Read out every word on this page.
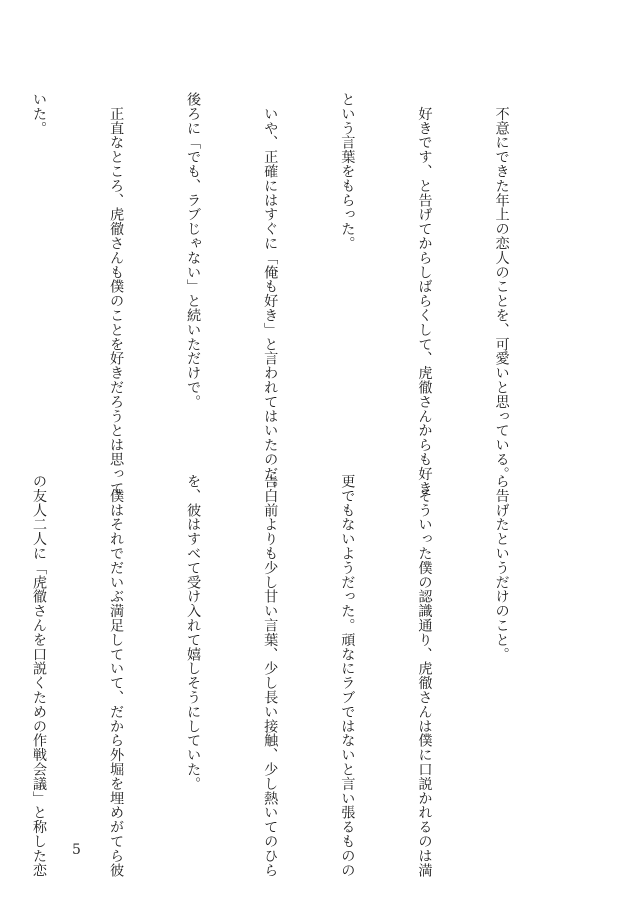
　不意にできた年上の恋人のことを、可愛いと思っている。

　好きです、と告げてからしばらくして、虎徹さんからも好き

という言葉をもらった。

　いや、正確にはすぐに「俺も好き」と言われてはいたのだ。

後ろに「でも、ラブじゃない」と続いただけで。

　正直なところ、虎徹さんも僕のことを好きだろうとは思って

いた。

ら告げたというだけのこと。

　そういった僕の認識通り、虎徹さんは僕に口説かれるのは満

更でもないようだった。頑なにラブではないと言い張るものの

告白前よりも少し甘い言葉、少し長い接触、少し熱いてのひら

を、彼はすべて受け入れて嬉しそうにしていた。

　僕はそれでだいぶ満足していて、だから外堀を埋めがてら彼

の友人二人に「虎徹さんを口説くための作戦会議」と称した恋

5
